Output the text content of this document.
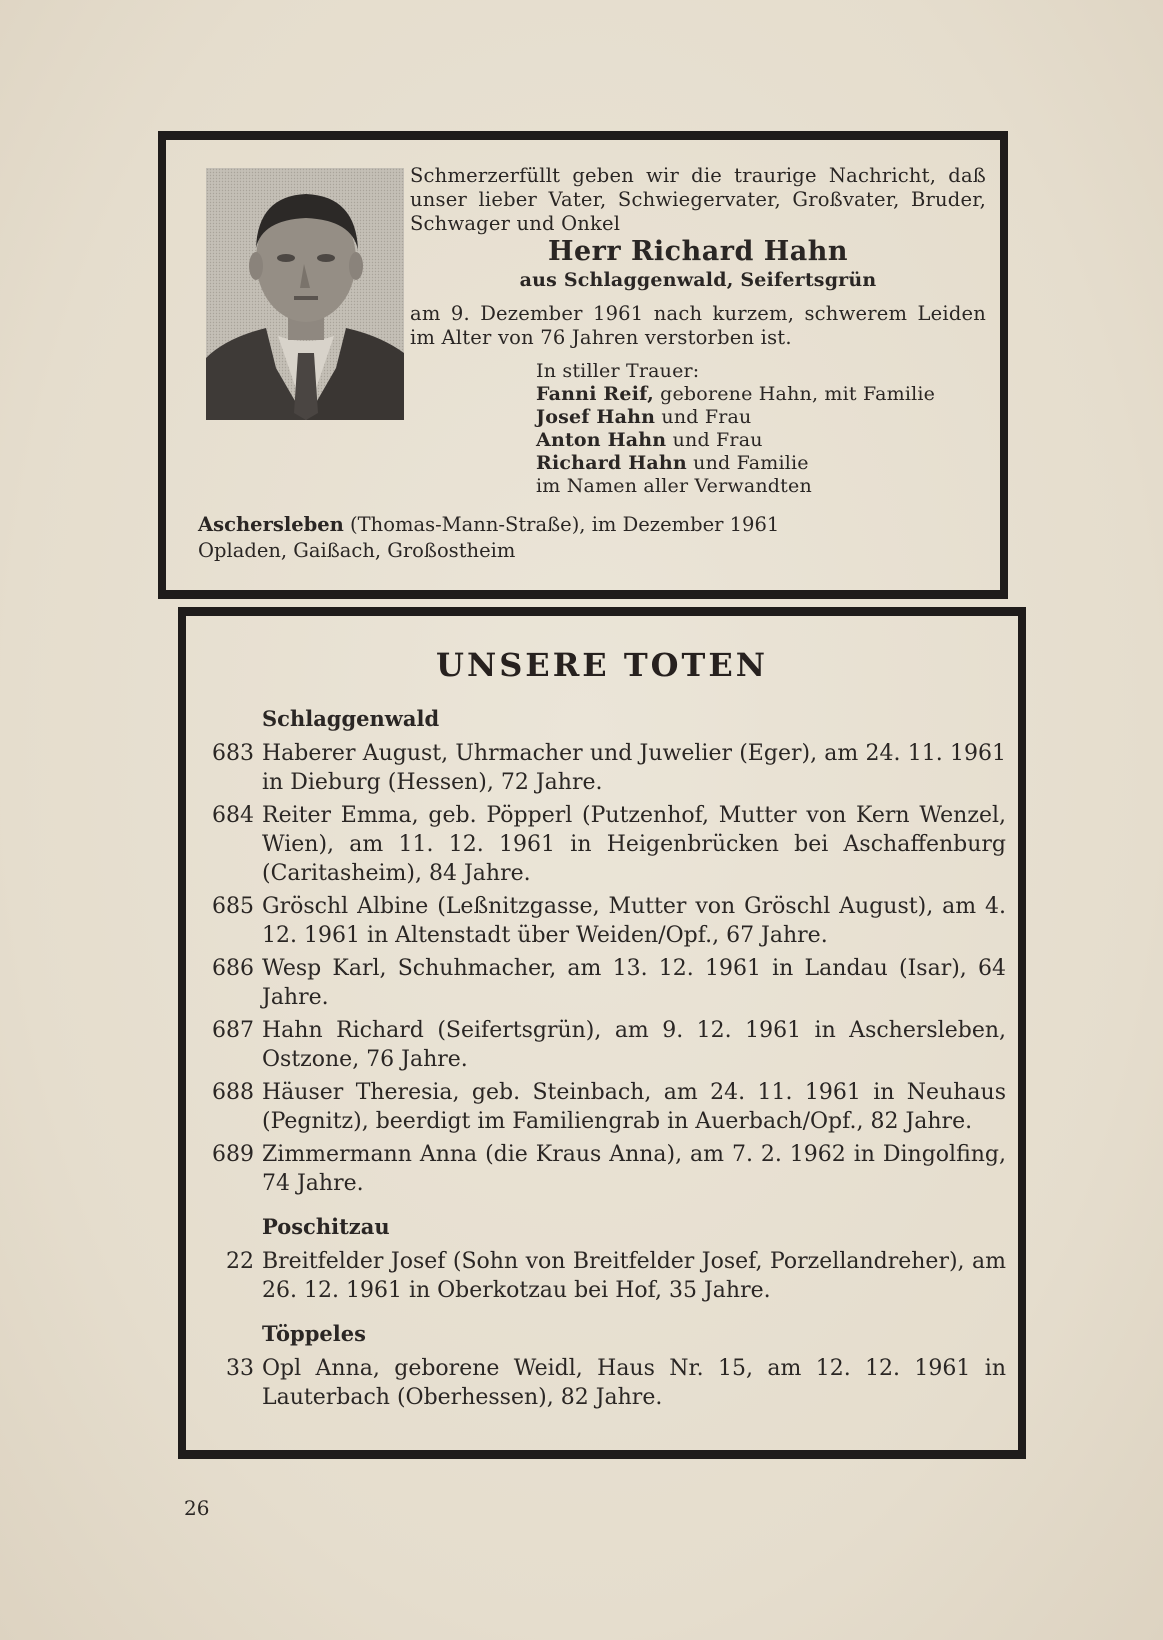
Schmerzerfüllt geben wir die traurige Nachricht, daß unser lieber Vater, Schwiegervater, Großvater, Bruder, Schwager und Onkel

Herr Richard Hahn
aus Schlaggenwald, Seifertsgrün

am 9. Dezember 1961 nach kurzem, schwerem Leiden im Alter von 76 Jahren verstorben ist.

In stiller Trauer:
Fanni Reif, geborene Hahn, mit Familie
Josef Hahn und Frau
Anton Hahn und Frau
Richard Hahn und Familie
im Namen aller Verwandten
Aschersleben (Thomas-Mann-Straße), im Dezember 1961
Opladen, Gaißach, Großostheim
UNSERE TOTEN
Schlaggenwald
683 Haberer August, Uhrmacher und Juwelier (Eger), am 24. 11. 1961 in Dieburg (Hessen), 72 Jahre.
684 Reiter Emma, geb. Pöpperl (Putzenhof, Mutter von Kern Wenzel, Wien), am 11. 12. 1961 in Heigenbrücken bei Aschaffenburg (Caritasheim), 84 Jahre.
685 Gröschl Albine (Leßnitzgasse, Mutter von Gröschl August), am 4. 12. 1961 in Altenstadt über Weiden/Opf., 67 Jahre.
686 Wesp Karl, Schuhmacher, am 13. 12. 1961 in Landau (Isar), 64 Jahre.
687 Hahn Richard (Seifertsgrün), am 9. 12. 1961 in Aschersleben, Ostzone, 76 Jahre.
688 Häuser Theresia, geb. Steinbach, am 24. 11. 1961 in Neuhaus (Pegnitz), beerdigt im Familiengrab in Auerbach/Opf., 82 Jahre.
689 Zimmermann Anna (die Kraus Anna), am 7. 2. 1962 in Dingolfing, 74 Jahre.
Poschitzau
22 Breitfelder Josef (Sohn von Breitfelder Josef, Porzellandreher), am 26. 12. 1961 in Oberkotzau bei Hof, 35 Jahre.
Töppeles
33 Opl Anna, geborene Weidl, Haus Nr. 15, am 12. 12. 1961 in Lauterbach (Oberhessen), 82 Jahre.
26
